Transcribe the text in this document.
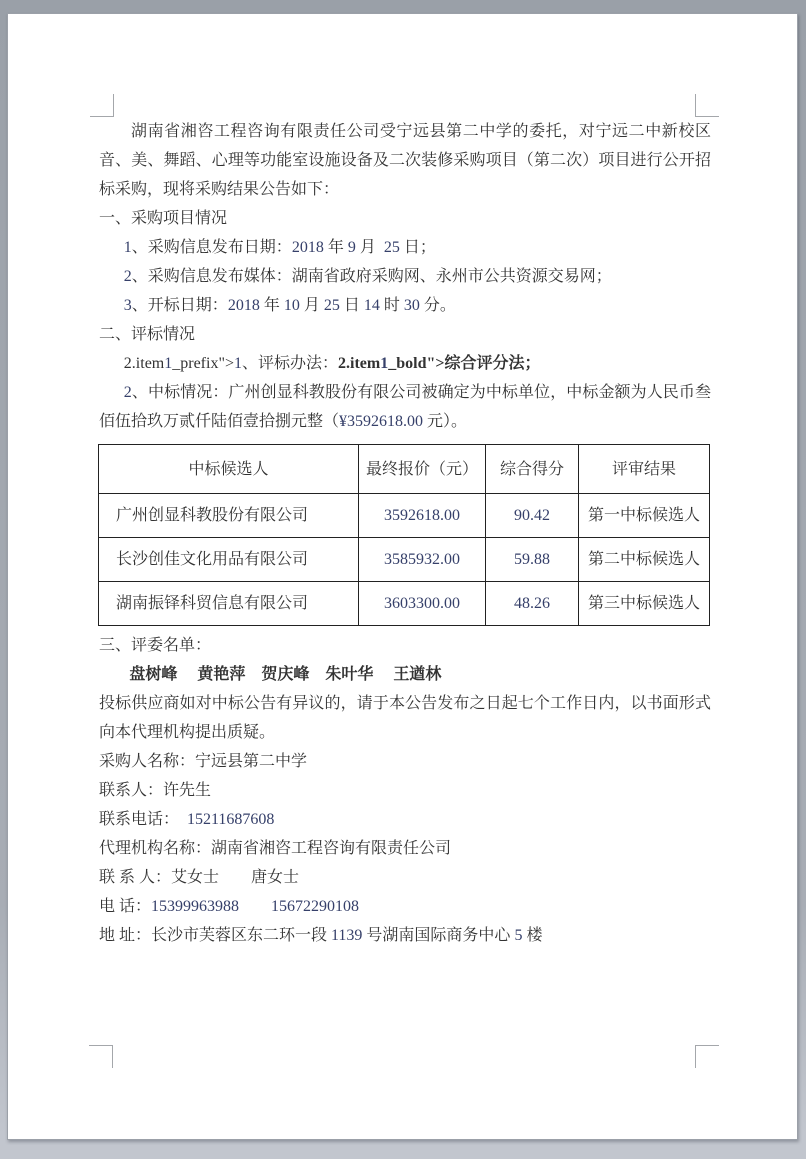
湖南省湘咨工程咨询有限责任公司受宁远县第二中学的委托，对宁远二中新校区音、美、舞蹈、心理等功能室设施设备及二次装修采购项目（第二次）项目进行公开招标采购，现将采购结果公告如下：

一、采购项目情况

1、采购信息发布日期：2018 年 9 月  25 日；

2、采购信息发布媒体：湖南省政府采购网、永州市公共资源交易网；

3、开标日期：2018 年 10 月 25 日 14 时 30 分。

二、评标情况

2.item1_prefix">1、评标办法：2.item1_bold">综合评分法；

2、中标情况：广州创显科教股份有限公司被确定为中标单位，中标金额为人民币叁佰伍拾玖万贰仟陆佰壹拾捌元整（¥3592618.00 元）。

中标候选人	最终报价（元）	综合得分	评审结果
广州创显科教股份有限公司	3592618.00	90.42	第一中标候选人
长沙创佳文化用品有限公司	3585932.00	59.88	第二中标候选人
湖南振铎科贸信息有限公司	3603300.00	48.26	第三中标候选人

三、评委名单：

盘树峰　 黄艳萍　贺庆峰　朱叶华　 王遒林

投标供应商如对中标公告有异议的，请于本公告发布之日起七个工作日内，以书面形式向本代理机构提出质疑。

采购人名称：宁远县第二中学

联系人：许先生

联系电话：  15211687608

代理机构名称：湖南省湘咨工程咨询有限责任公司

联 系 人：艾女士　　唐女士

电 话：15399963988　　 15672290108

地 址：长沙市芙蓉区东二环一段 1139 号湖南国际商务中心 5 楼
